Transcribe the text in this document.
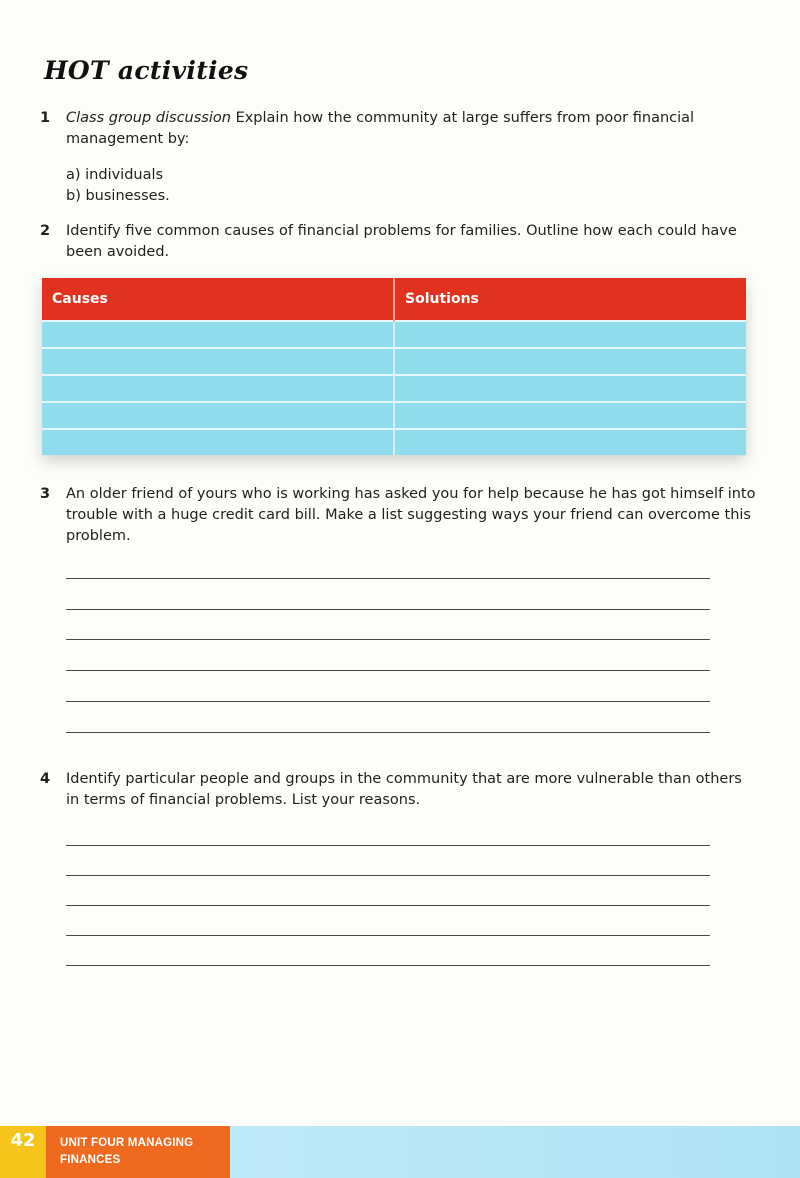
HOT activities
1 Class group discussion Explain how the community at large suffers from poor financial management by:
a) individuals
b) businesses.
2 Identify five common causes of financial problems for families. Outline how each could have been avoided.
Causes	Solutions

3 An older friend of yours who is working has asked you for help because he has got himself into trouble with a huge credit card bill. Make a list suggesting ways your friend can overcome this problem.
4 Identify particular people and groups in the community that are more vulnerable than others in terms of financial problems. List your reasons.
42	UNIT FOUR MANAGING
FINANCES
